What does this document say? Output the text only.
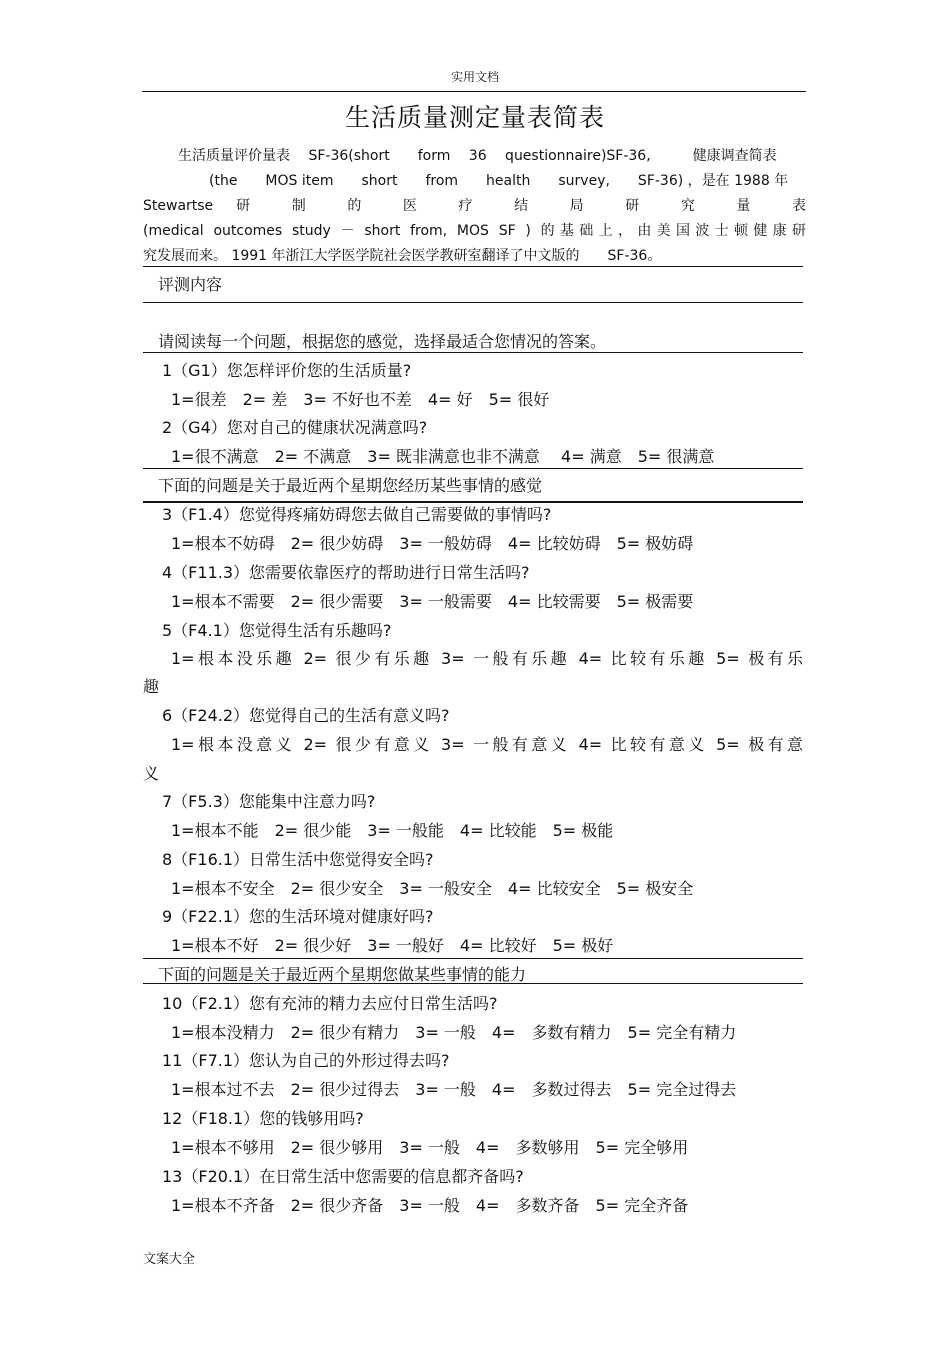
实用文档
生活质量测定量表简表
生活质量评价量表　 SF-36(short　　form　 36　 questionnaire)SF-36,　　　健康调查简表
(the　　MOS item　　short　　from　　health　　survey,　　SF-36) ，是在 1988 年
Stewartse 研 制 的 医 疗 结 局 研 究 量 表
(medical outcomes study － short from, MOS SF ) 的基础上，由美国波士顿健康研
究发展而来。 1991 年浙江大学医学院社会医学教研室翻译了中文版的　　SF-36。
评测内容
请阅读每一个问题，根据您的感觉，选择最适合您情况的答案。
1（G1）您怎样评价您的生活质量?
1=很差　2= 差　3= 不好也不差　4= 好　5= 很好
2（G4）您对自己的健康状况满意吗?
1=很不满意　2= 不满意　3= 既非满意也非不满意　 4= 满意　5= 很满意
下面的问题是关于最近两个星期您经历某些事情的感觉
3（F1.4）您觉得疼痛妨碍您去做自己需要做的事情吗?
1=根本不妨碍　2= 很少妨碍　3= 一般妨碍　4= 比较妨碍　5= 极妨碍
4（F11.3）您需要依靠医疗的帮助进行日常生活吗?
1=根本不需要　2= 很少需要　3= 一般需要　4= 比较需要　5= 极需要
5（F4.1）您觉得生活有乐趣吗?
1=根本没乐趣 2= 很少有乐趣 3= 一般有乐趣 4= 比较有乐趣 5= 极有乐
趣
6（F24.2）您觉得自己的生活有意义吗?
1=根本没意义 2= 很少有意义 3= 一般有意义 4= 比较有意义 5= 极有意
义
7（F5.3）您能集中注意力吗?
1=根本不能　2= 很少能　3= 一般能　4= 比较能　5= 极能
8（F16.1）日常生活中您觉得安全吗?
1=根本不安全　2= 很少安全　3= 一般安全　4= 比较安全　5= 极安全
9（F22.1）您的生活环境对健康好吗?
1=根本不好　2= 很少好　3= 一般好　4= 比较好　5= 极好
下面的问题是关于最近两个星期您做某些事情的能力
10（F2.1）您有充沛的精力去应付日常生活吗?
1=根本没精力　2= 很少有精力　3= 一般　4=　多数有精力　5= 完全有精力
11（F7.1）您认为自己的外形过得去吗?
1=根本过不去　2= 很少过得去　3= 一般　4=　多数过得去　5= 完全过得去
12（F18.1）您的钱够用吗?
1=根本不够用　2= 很少够用　3= 一般　4=　多数够用　5= 完全够用
13（F20.1）在日常生活中您需要的信息都齐备吗?
1=根本不齐备　2= 很少齐备　3= 一般　4=　多数齐备　5= 完全齐备
文案大全
